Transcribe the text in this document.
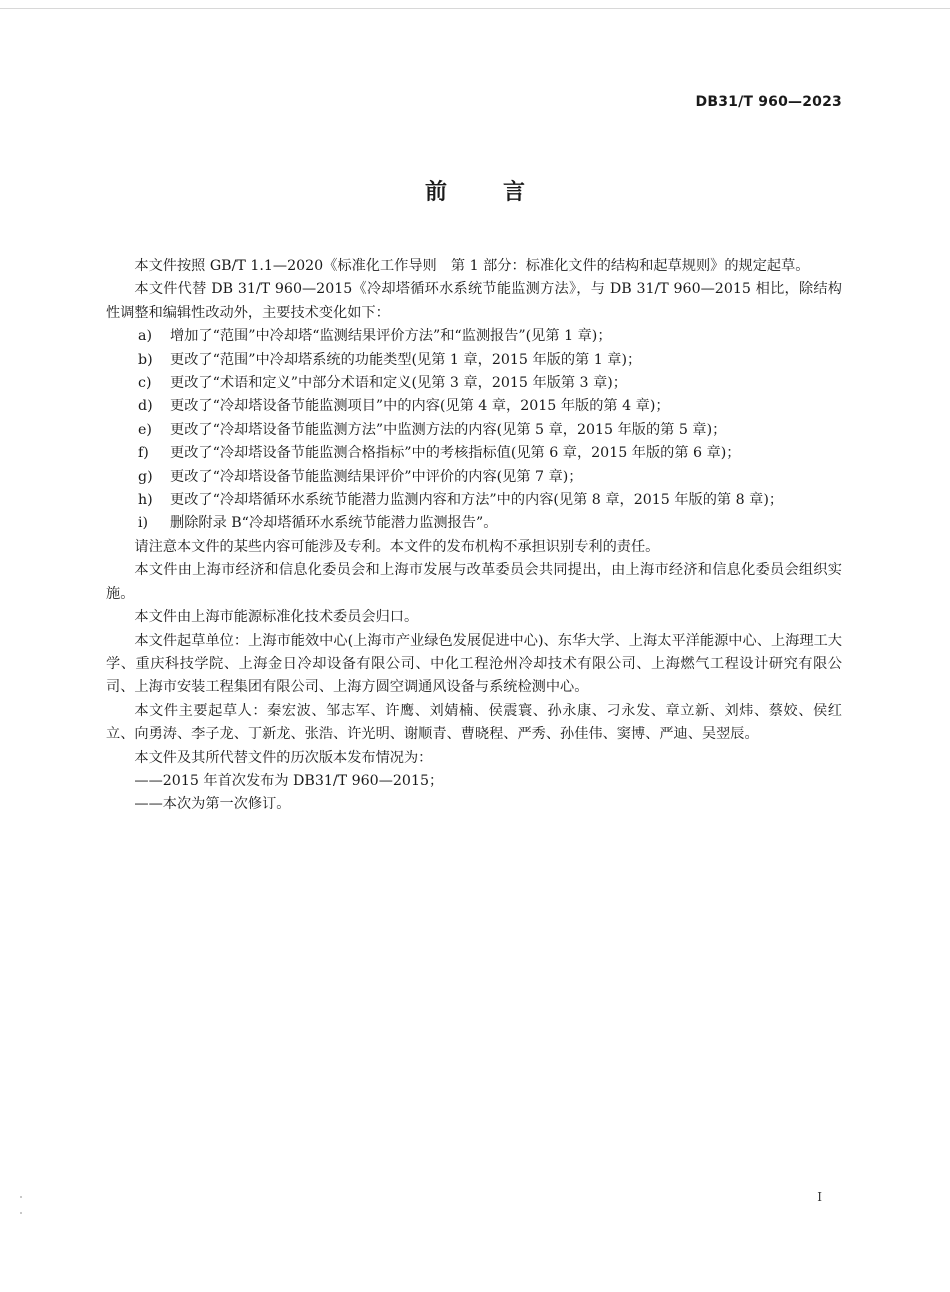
DB31/T 960—2023
前言

本文件按照 GB/T 1.1—2020《标准化工作导则　第 1 部分：标准化文件的结构和起草规则》的规定起草。

本文件代替 DB 31/T 960—2015《冷却塔循环水系统节能监测方法》，与 DB 31/T 960—2015 相比，除结构性调整和编辑性改动外，主要技术变化如下：

a) 增加了“范围”中冷却塔“监测结果评价方法”和“监测报告”(见第 1 章)；

b) 更改了“范围”中冷却塔系统的功能类型(见第 1 章，2015 年版的第 1 章)；

c) 更改了“术语和定义”中部分术语和定义(见第 3 章，2015 年版第 3 章)；

d) 更改了“冷却塔设备节能监测项目”中的内容(见第 4 章，2015 年版的第 4 章)；

e) 更改了“冷却塔设备节能监测方法”中监测方法的内容(见第 5 章，2015 年版的第 5 章)；

f) 更改了“冷却塔设备节能监测合格指标”中的考核指标值(见第 6 章，2015 年版的第 6 章)；

g) 更改了“冷却塔设备节能监测结果评价”中评价的内容(见第 7 章)；

h) 更改了“冷却塔循环水系统节能潜力监测内容和方法”中的内容(见第 8 章，2015 年版的第 8 章)；

i) 删除附录 B“冷却塔循环水系统节能潜力监测报告”。

请注意本文件的某些内容可能涉及专利。本文件的发布机构不承担识别专利的责任。

本文件由上海市经济和信息化委员会和上海市发展与改革委员会共同提出，由上海市经济和信息化委员会组织实施。

本文件由上海市能源标准化技术委员会归口。

本文件起草单位：上海市能效中心(上海市产业绿色发展促进中心)、东华大学、上海太平洋能源中心、上海理工大学、重庆科技学院、上海金日冷却设备有限公司、中化工程沧州冷却技术有限公司、上海燃气工程设计研究有限公司、上海市安装工程集团有限公司、上海方圆空调通风设备与系统检测中心。

本文件主要起草人：秦宏波、邹志军、许鹰、刘婧楠、侯震寰、孙永康、刁永发、章立新、刘炜、蔡姣、侯红立、向勇涛、李子龙、丁新龙、张浩、许光明、谢顺青、曹晓程、严秀、孙佳伟、窦博、严迪、吴翌辰。

本文件及其所代替文件的历次版本发布情况为：

——2015 年首次发布为 DB31/T 960—2015；

——本次为第一次修订。

I
